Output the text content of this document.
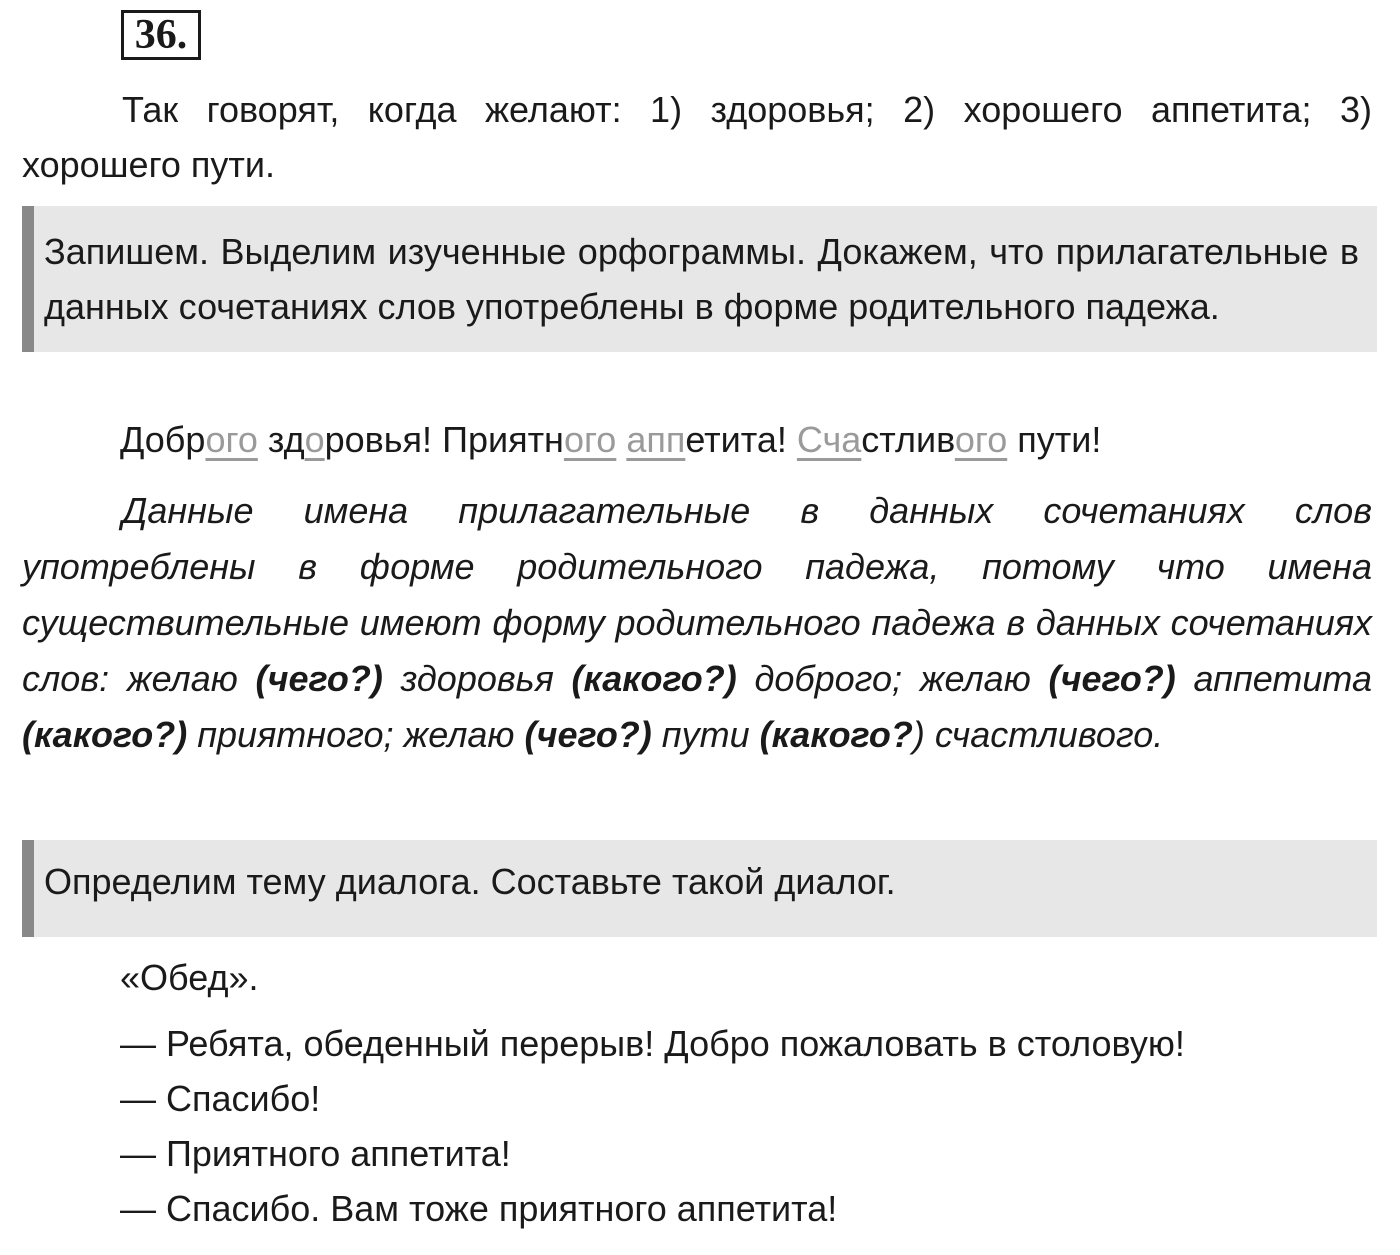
36.
Так говорят, когда желают: 1) здоровья; 2) хорошего аппетита; 3) хорошего пути.
Запишем. Выделим изученные орфограммы. Докажем, что прилагательные в данных сочетаниях слов употреблены в форме родительного падежа.
Доброго здоровья! Приятного аппетита! Счастливого пути!
Данные имена прилагательные в данных сочетаниях слов употреблены в форме родительного падежа, потому что имена существительные имеют форму родительного падежа в данных сочетаниях слов: желаю (чего?) здоровья (какого?) доброго; желаю (чего?) аппетита (какого?) приятного; желаю (чего?) пути (какого?) счастливого.
Определим тему диалога. Составьте такой диалог.
«Обед».
— Ребята, обеденный перерыв! Добро пожаловать в столовую!
— Спасибо!
— Приятного аппетита!
— Спасибо. Вам тоже приятного аппетита!
